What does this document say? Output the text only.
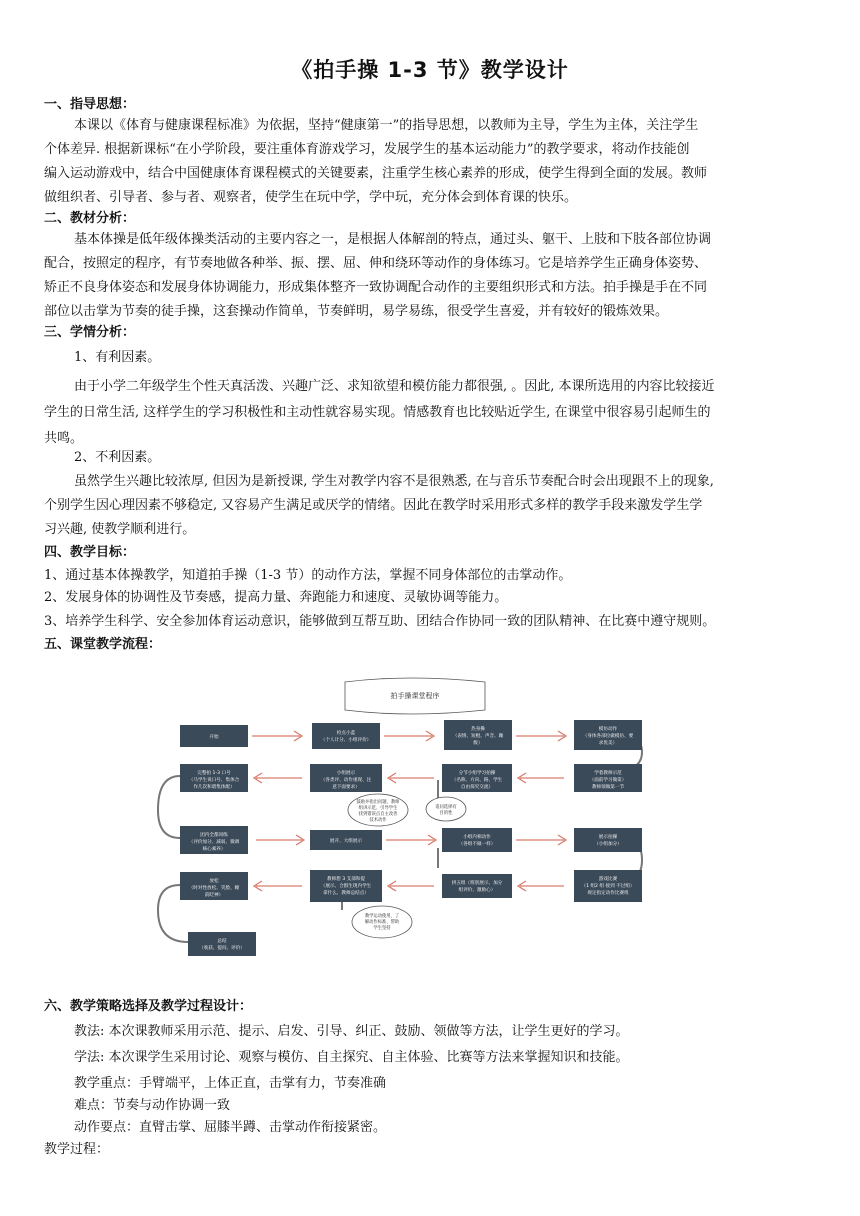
《拍手操 1-3 节》教学设计
一、指导思想：
本课以《体育与健康课程标准》为依据，坚持“健康第一”的指导思想，以教师为主导，学生为主体，关注学生
个体差异. 根据新课标“在小学阶段，要注重体育游戏学习，发展学生的基本运动能力”的教学要求，将动作技能创
编入运动游戏中，结合中国健康体育课程模式的关键要素，注重学生核心素养的形成，使学生得到全面的发展。教师
做组织者、引导者、参与者、观察者，使学生在玩中学，学中玩，充分体会到体育课的快乐。
二、教材分析：
基本体操是低年级体操类活动的主要内容之一，是根据人体解剖的特点，通过头、躯干、上肢和下肢各部位协调
配合，按照定的程序，有节奏地做各种举、振、摆、屈、伸和绕环等动作的身体练习。它是培养学生正确身体姿势、
矫正不良身体姿态和发展身体协调能力，形成集体整齐一致协调配合动作的主要组织形式和方法。拍手操是手在不同
部位以击掌为节奏的徒手操，这套操动作简单，节奏鲜明，易学易练，很受学生喜爱，并有较好的锻炼效果。
三、学情分析：
1、有利因素。
由于小学二年级学生个性天真活泼、兴趣广泛、求知欲望和模仿能力都很强, 。因此, 本课所选用的内容比较接近
学生的日常生活, 这样学生的学习积极性和主动性就容易实现。情感教育也比较贴近学生, 在课堂中很容易引起师生的
共鸣。
2、不利因素。
虽然学生兴趣比较浓厚, 但因为是新授课, 学生对教学内容不是很熟悉, 在与音乐节奏配合时会出现跟不上的现象,
个别学生因心理因素不够稳定, 又容易产生满足或厌学的情绪。因此在教学时采用形式多样的教学手段来激发学生学
习兴趣, 使教学顺利进行。
四、教学目标：
1、通过基本体操教学，知道拍手操（1-3 节）的动作方法，掌握不同身体部位的击掌动作。
2、发展身体的协调性及节奏感，提高力量、奔跑能力和速度、灵敏协调等能力。
3、培养学生科学、安全参加体育运动意识，能够做到互帮互助、团结合作协同一致的团队精神、在比赛中遵守规则。
五、课堂教学流程：
拍手操课堂程序
开始
检点小蓝
（个人计分、小组评价）
热身操
（表情、短棍、声音、蹦
级）
模仿动作
（身体各部位做模仿、要
求优美）
完整拍 1-3 口号
（马学生说口号、集体合
作几次和谐集体配）
小组展示
（各类评、动作重现、注
意下面要求）
分节小组学习拍操
（名称、方向、路、学生
自由探究交流）
学着教师示范
（面前学习做第）
教师领做第一节
鼓励并指出问题、教师
组讲示范、引导学生
找到错误点自主改善
技术动作
追问选择有
目的性
团内全都同练
（评价加分、减弱、微调
核心素养）
展开、大组展示
小组内相动作
（各组不做一样）
展示拍操
（小组加分）
放松
（时对性放松、笑脸、睡
前眨神）
教师想 3 支部和提
（展示、合群生现内学生
拿什么、教师总结点）
拼五组（班别展示、加分
组评价、激励心）
游戏比赛
（1 组2 组 接到 不过组）
规定指定动作比赛组
教学运动使用、了
解动作标准、帮助
学生坚持
总结
（收获、提问、评价）
六、教学策略选择及教学过程设计：
教法: 本次课教师采用示范、提示、启发、引导、纠正、鼓励、领做等方法，让学生更好的学习。
学法: 本次课学生采用讨论、观察与模仿、自主探究、自主体验、比赛等方法来掌握知识和技能。
教学重点：手臂端平，上体正直，击掌有力，节奏准确
难点：节奏与动作协调一致
动作要点：直臂击掌、屈膝半蹲、击掌动作衔接紧密。
教学过程：
